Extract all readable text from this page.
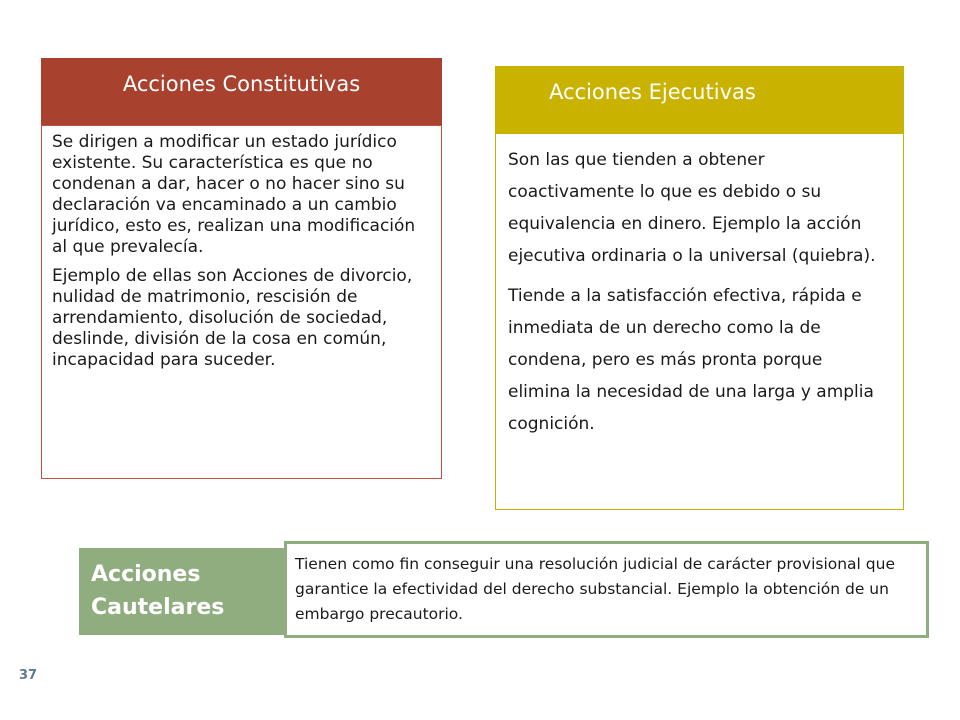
Acciones Constitutivas

Se dirigen a modificar un estado jurídico existente. Su característica es que no condenan a dar, hacer o no hacer sino su declaración va encaminado a un cambio jurídico, esto es, realizan una modificación al que prevalecía.

Ejemplo de ellas son Acciones de divorcio, nulidad de matrimonio, rescisión de arrendamiento, disolución de sociedad, deslinde, división de la cosa en común, incapacidad para suceder.

Acciones Ejecutivas

Son las que tienden a obtener coactivamente lo que es debido o su equivalencia en dinero. Ejemplo la acción ejecutiva ordinaria o la universal (quiebra).

Tiende a la satisfacción efectiva, rápida e inmediata de un derecho como la de condena, pero es más pronta porque elimina la necesidad de una larga y amplia cognición.

Acciones
Cautelares
Tienen como fin conseguir una resolución judicial de carácter provisional que garantice la efectividad del derecho substancial. Ejemplo la obtención de un embargo precautorio.
37
